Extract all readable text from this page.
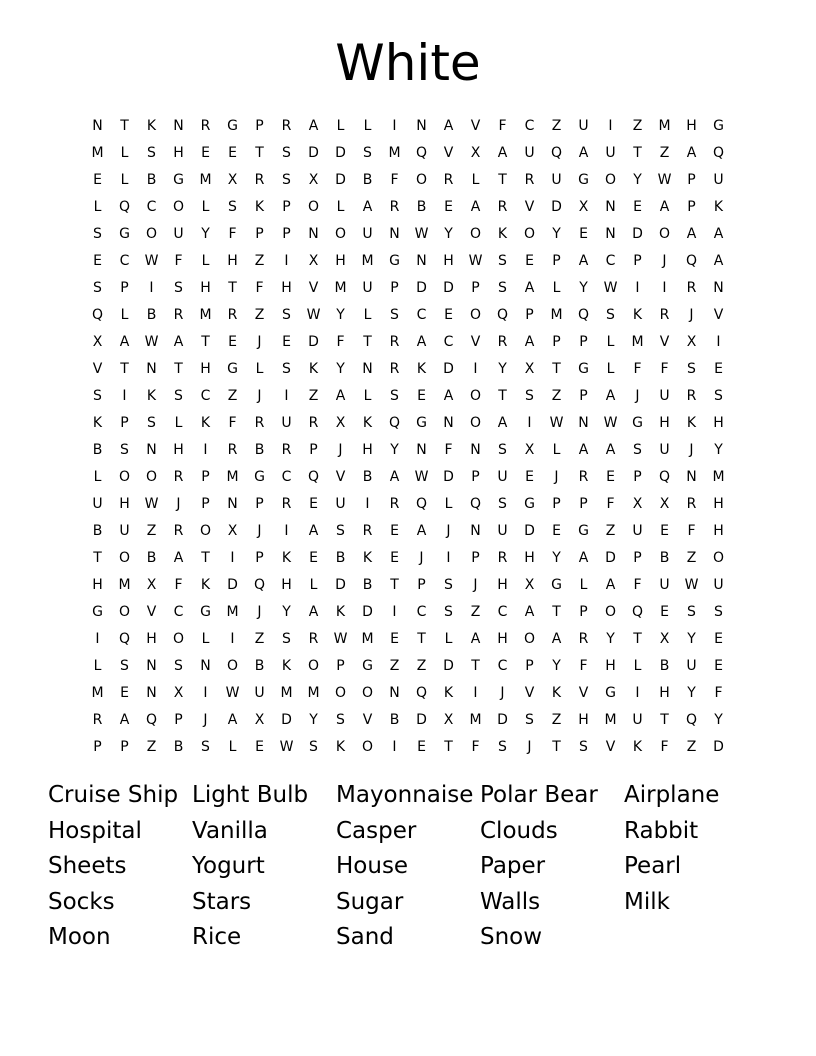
White
N T K N R G P R A L L I N A V F C Z U I Z M H G
M L S H E E T S D D S M Q V X A U Q A U T Z A Q
E L B G M X R S X D B F O R L T R U G O Y W P U
L Q C O L S K P O L A R B E A R V D X N E A P K
S G O U Y F P P N O U N W Y O K O Y E N D O A A
E C W F L H Z I X H M G N H W S E P A C P J Q A
S P I S H T F H V M U P D D P S A L Y W I I R N
Q L B R M R Z S W Y L S C E O Q P M Q S K R J V
X A W A T E J E D F T R A C V R A P P L M V X I
V T N T H G L S K Y N R K D I Y X T G L F F S E
S I K S C Z J I Z A L S E A O T S Z P A J U R S
K P S L K F R U R X K Q G N O A I W N W G H K H
B S N H I R B R P J H Y N F N S X L A A S U J Y
L O O R P M G C Q V B A W D P U E J R E P Q N M
U H W J P N P R E U I R Q L Q S G P P F X X R H
B U Z R O X J I A S R E A J N U D E G Z U E F H
T O B A T I P K E B K E J I P R H Y A D P B Z O
H M X F K D Q H L D B T P S J H X G L A F U W U
G O V C G M J Y A K D I C S Z C A T P O Q E S S
I Q H O L I Z S R W M E T L A H O A R Y T X Y E
L S N S N O B K O P G Z Z D T C P Y F H L B U E
M E N X I W U M M O O N Q K I J V K V G I H Y F
R A Q P J A X D Y S V B D X M D S Z H M U T Q Y
P P Z B S L E W S K O I E T F S J T S V K F Z D
Cruise Ship
Hospital
Sheets
Socks
Moon
Light Bulb
Vanilla
Yogurt
Stars
Rice
Mayonnaise
Casper
House
Sugar
Sand
Polar Bear
Clouds
Paper
Walls
Snow
Airplane
Rabbit
Pearl
Milk
